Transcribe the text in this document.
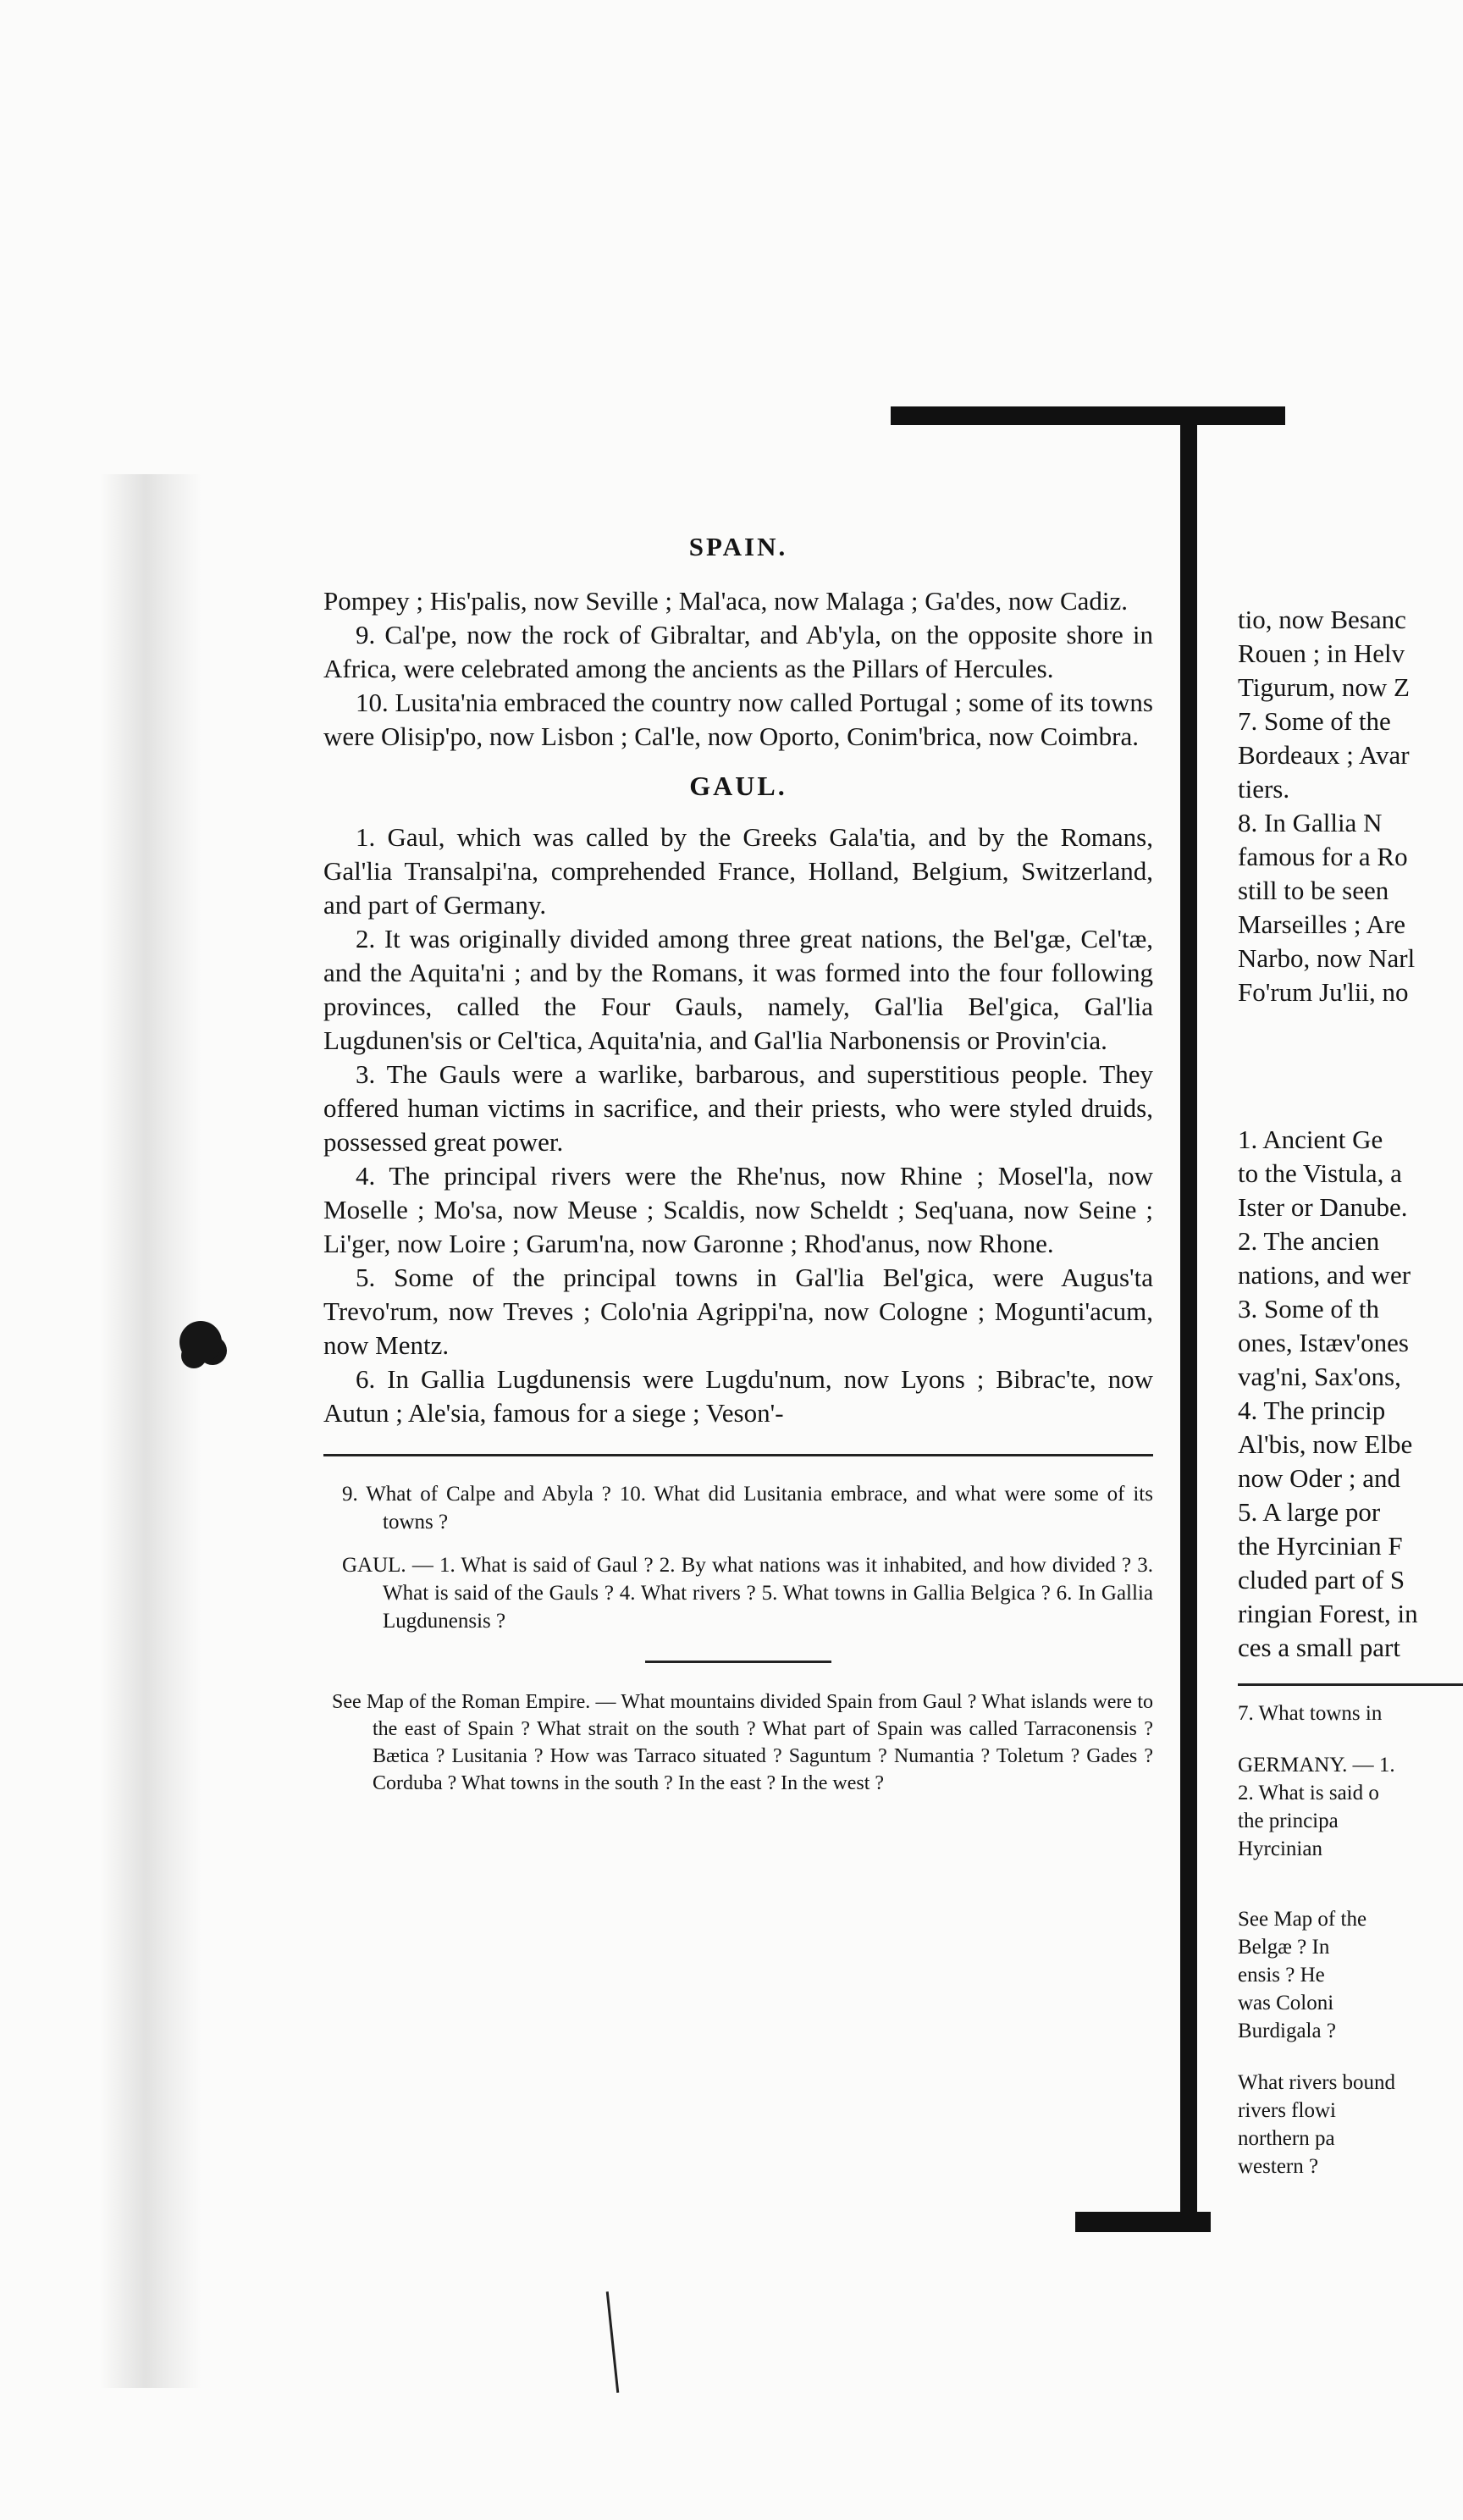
SPAIN.

Pompey ; His'palis, now Seville ; Mal'aca, now Malaga ; Ga'des, now Cadiz.

9. Cal'pe, now the rock of Gibraltar, and Ab'yla, on the opposite shore in Africa, were celebrated among the ancients as the Pillars of Hercules.

10. Lusita'nia embraced the country now called Portugal ; some of its towns were Olisip'po, now Lisbon ; Cal'le, now Oporto, Conim'brica, now Coimbra.

GAUL.

1. Gaul, which was called by the Greeks Gala'tia, and by the Romans, Gal'lia Transalpi'na, comprehended France, Holland, Belgium, Switzerland, and part of Germany.

2. It was originally divided among three great nations, the Bel'gæ, Cel'tæ, and the Aquita'ni ; and by the Romans, it was formed into the four following provinces, called the Four Gauls, namely, Gal'lia Bel'gica, Gal'lia Lugdunen'sis or Cel'tica, Aquita'nia, and Gal'lia Narbonensis or Provin'cia.

3. The Gauls were a warlike, barbarous, and superstitious people. They offered human victims in sacrifice, and their priests, who were styled druids, possessed great power.

4. The principal rivers were the Rhe'nus, now Rhine ; Mosel'la, now Moselle ; Mo'sa, now Meuse ; Scaldis, now Scheldt ; Seq'uana, now Seine ; Li'ger, now Loire ; Garum'na, now Garonne ; Rhod'anus, now Rhone.

5. Some of the principal towns in Gal'lia Bel'gica, were Augus'ta Trevo'rum, now Treves ; Colo'nia Agrippi'na, now Cologne ; Mogunti'acum, now Mentz.

6. In Gallia Lugdunensis were Lugdu'num, now Lyons ; Bibrac'te, now Autun ; Ale'sia, famous for a siege ; Veson'-

9. What of Calpe and Abyla ? 10. What did Lusitania embrace, and what were some of its towns ?

GAUL. — 1. What is said of Gaul ? 2. By what nations was it inhabited, and how divided ? 3. What is said of the Gauls ? 4. What rivers ? 5. What towns in Gallia Belgica ? 6. In Gallia Lugdunensis ?

See Map of the Roman Empire. — What mountains divided Spain from Gaul ? What islands were to the east of Spain ? What strait on the south ? What part of Spain was called Tarraconensis ? Bætica ? Lusitania ? How was Tarraco situated ? Saguntum ? Numantia ? Toletum ? Gades ? Corduba ? What towns in the south ? In the east ? In the west ?

tio, now Besanc

Rouen ; in Helv

Tigurum, now Z

7. Some of the

Bordeaux ; Avar

tiers.

8. In Gallia N

famous for a Ro

still to be seen

Marseilles ; Are

Narbo, now Narl

Fo'rum Ju'lii, no

1. Ancient Ge

to the Vistula, a

Ister or Danube.

2. The ancien

nations, and wer

3. Some of th

ones, Istæv'ones

vag'ni, Sax'ons,

4. The princip

Al'bis, now Elbe

now Oder ; and

5. A large por

the Hyrcinian F

cluded part of S

ringian Forest, in

ces a small part

7. What towns in

GERMANY. — 1.

2. What is said o

the principa

Hyrcinian

See Map of the

Belgæ ? In

ensis ? He

was Coloni

Burdigala ?

What rivers bound

rivers flowi

northern pa

western ?
